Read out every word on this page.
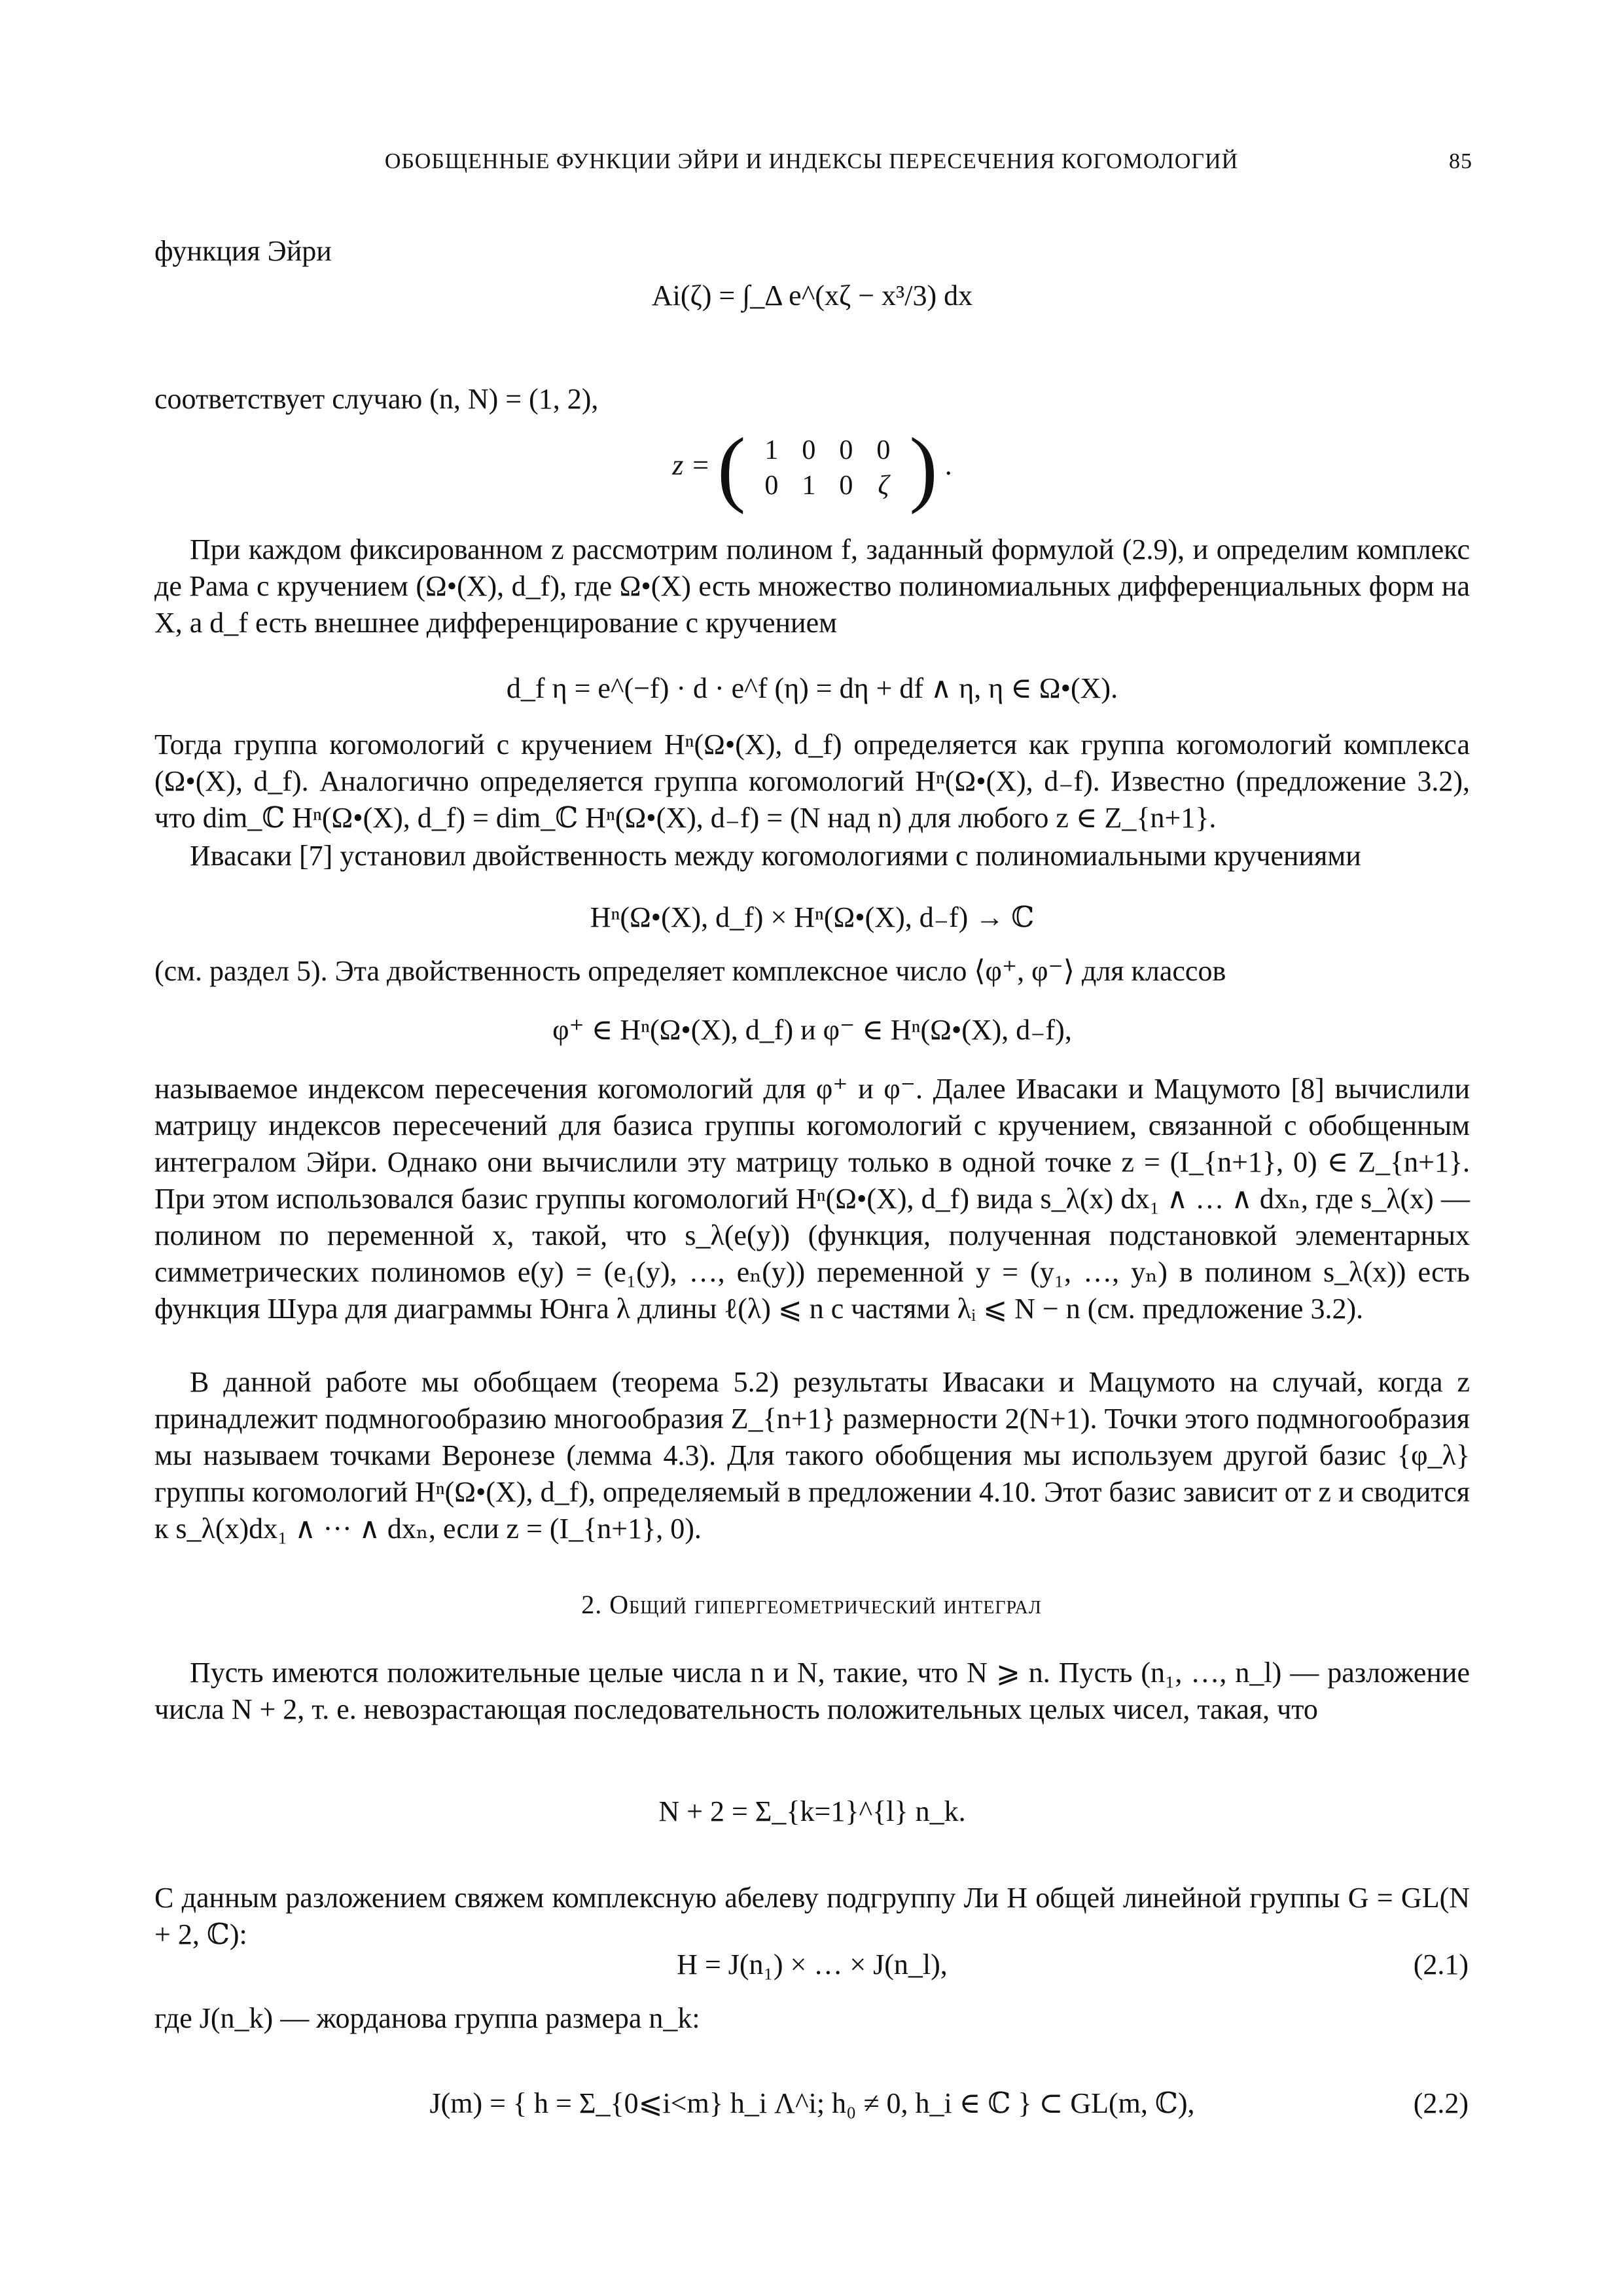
ОБОБЩЕННЫЕ ФУНКЦИИ ЭЙРИ И ИНДЕКСЫ ПЕРЕСЕЧЕНИЯ КОГОМОЛОГИЙ	85

функция Эйри

Ai(ζ) = ∫_Δ e^(xζ − x³/3) dx

соответствует случаю (n, N) = (1, 2),

z = ( 1	0	0	0
0	1	0	ζ ) .

При каждом фиксированном z рассмотрим полином f, заданный формулой (2.9), и определим комплекс де Рама с кручением (Ω•(X), d_f), где Ω•(X) есть множество полиномиальных дифференциальных форм на X, а d_f есть внешнее дифференцирование с кручением

d_f η = e^(−f) · d · e^f (η) = dη + df ∧ η, η ∈ Ω•(X).

Тогда группа когомологий с кручением Hⁿ(Ω•(X), d_f) определяется как группа когомологий комплекса (Ω•(X), d_f). Аналогично определяется группа когомологий Hⁿ(Ω•(X), d₋f). Известно (предложение 3.2), что dim_ℂ Hⁿ(Ω•(X), d_f) = dim_ℂ Hⁿ(Ω•(X), d₋f) = (N над n) для любого z ∈ Z_{n+1}.

Ивасаки [7] установил двойственность между когомологиями с полиномиальными кручениями

Hⁿ(Ω•(X), d_f) × Hⁿ(Ω•(X), d₋f) → ℂ

(см. раздел 5). Эта двойственность определяет комплексное число ⟨φ⁺, φ⁻⟩ для классов

φ⁺ ∈ Hⁿ(Ω•(X), d_f) и φ⁻ ∈ Hⁿ(Ω•(X), d₋f),

называемое индексом пересечения когомологий для φ⁺ и φ⁻. Далее Ивасаки и Мацумото [8] вычислили матрицу индексов пересечений для базиса группы когомологий с кручением, связанной с обобщенным интегралом Эйри. Однако они вычислили эту матрицу только в одной точке z = (I_{n+1}, 0) ∈ Z_{n+1}. При этом использовался базис группы когомологий Hⁿ(Ω•(X), d_f) вида s_λ(x) dx₁ ∧ … ∧ dxₙ, где s_λ(x) — полином по переменной x, такой, что s_λ(e(y)) (функция, полученная подстановкой элементарных симметрических полиномов e(y) = (e₁(y), …, eₙ(y)) переменной y = (y₁, …, yₙ) в полином s_λ(x)) есть функция Шура для диаграммы Юнга λ длины ℓ(λ) ⩽ n с частями λᵢ ⩽ N − n (см. предложение 3.2).

В данной работе мы обобщаем (теорема 5.2) результаты Ивасаки и Мацумото на случай, когда z принадлежит подмногообразию многообразия Z_{n+1} размерности 2(N+1). Точки этого подмногообразия мы называем точками Веронезе (лемма 4.3). Для такого обобщения мы используем другой базис {φ_λ} группы когомологий Hⁿ(Ω•(X), d_f), определяемый в предложении 4.10. Этот базис зависит от z и сводится к s_λ(x)dx₁ ∧ ··· ∧ dxₙ, если z = (I_{n+1}, 0).

2. Общий гипергеометрический интеграл

Пусть имеются положительные целые числа n и N, такие, что N ⩾ n. Пусть (n₁, …, n_l) — разложение числа N + 2, т. е. невозрастающая последовательность положительных целых чисел, такая, что

N + 2 = Σ_{k=1}^{l} n_k.

С данным разложением свяжем комплексную абелеву подгруппу Ли H общей линейной группы G = GL(N + 2, ℂ):

H = J(n₁) × … × J(n_l),	(2.1)

где J(n_k) — жорданова группа размера n_k:

J(m) = { h = Σ_{0⩽i<m} h_i Λ^i; h₀ ≠ 0, h_i ∈ ℂ } ⊂ GL(m, ℂ),	(2.2)
